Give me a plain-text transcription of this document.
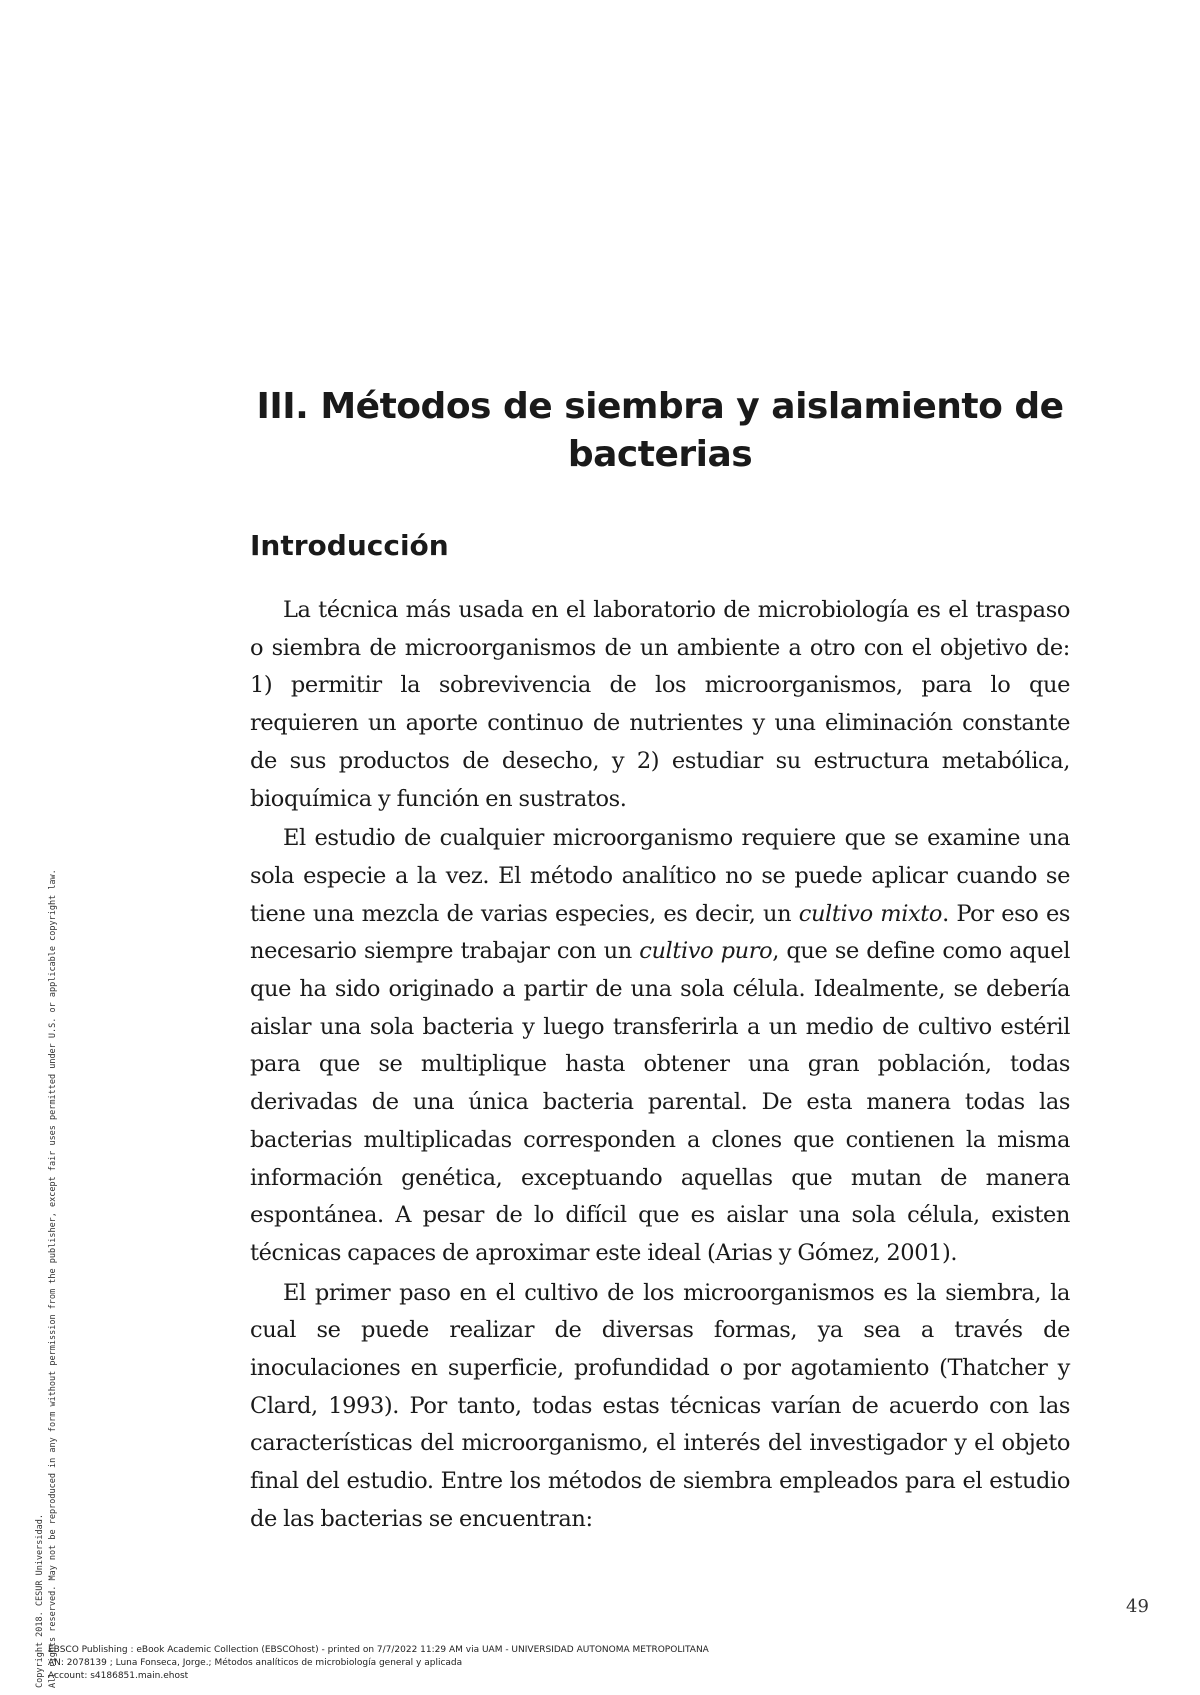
III. Métodos de siembra y aislamiento de bacterias
Introducción

La técnica más usada en el laboratorio de microbiología es el traspaso o siembra de microorganismos de un ambiente a otro con el objetivo de: 1) permitir la sobrevivencia de los microorganismos, para lo que requieren un aporte continuo de nutrientes y una eliminación constante de sus productos de desecho, y 2) estudiar su estructura metabólica, bioquímica y función en sustratos.

El estudio de cualquier microorganismo requiere que se examine una sola especie a la vez. El método analítico no se puede aplicar cuando se tiene una mezcla de varias especies, es decir, un cultivo mixto. Por eso es necesario siempre trabajar con un cultivo puro, que se define como aquel que ha sido originado a partir de una sola célula. Idealmente, se debería aislar una sola bacteria y luego transferirla a un medio de cultivo estéril para que se multiplique hasta obtener una gran población, todas derivadas de una única bacteria parental. De esta manera todas las bacterias multiplicadas corresponden a clones que contienen la misma información genética, exceptuando aquellas que mutan de manera espontánea. A pesar de lo difícil que es aislar una sola célula, existen técnicas capaces de aproximar este ideal (Arias y Gómez, 2001).

El primer paso en el cultivo de los microorganismos es la siembra, la cual se puede realizar de diversas formas, ya sea a través de inoculaciones en superficie, profundidad o por agotamiento (Thatcher y Clard, 1993). Por tanto, todas estas técnicas varían de acuerdo con las características del microorganismo, el interés del investigador y el objeto final del estudio. Entre los métodos de siembra empleados para el estudio de las bacterias se encuentran:

49
EBSCO Publishing : eBook Academic Collection (EBSCOhost) - printed on 7/7/2022 11:29 AM via UAM - UNIVERSIDAD AUTONOMA METROPOLITANA
AN: 2078139 ; Luna Fonseca, Jorge.; Métodos analíticos de microbiología general y aplicada
Account: s4186851.main.ehost
Copyright 2018. CESUR Universidad. All rights reserved. May not be reproduced in any form without permission from the publisher, except fair uses permitted under U.S. or applicable copyright law.
